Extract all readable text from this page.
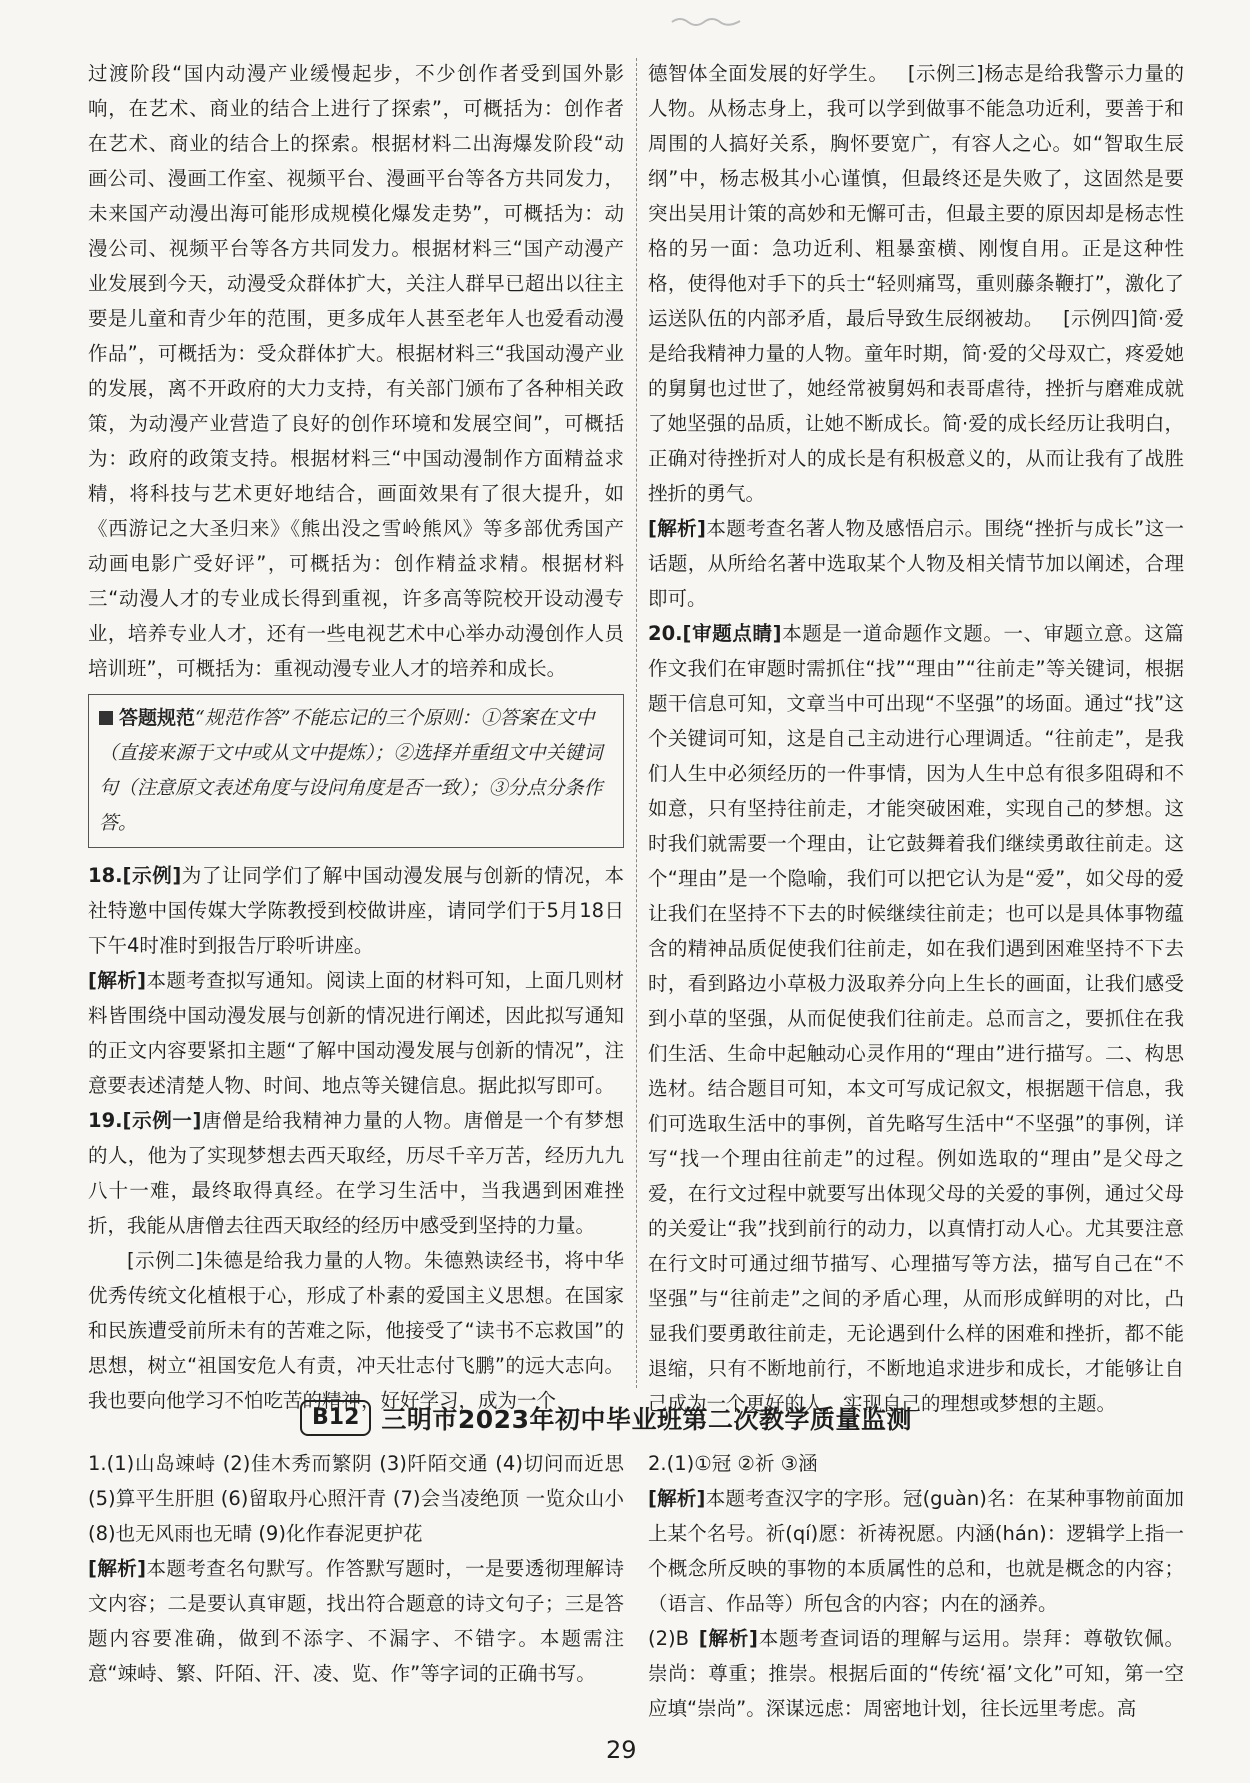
过渡阶段“国内动漫产业缓慢起步，不少创作者受到国外影响，在艺术、商业的结合上进行了探索”，可概括为：创作者在艺术、商业的结合上的探索。根据材料二出海爆发阶段“动画公司、漫画工作室、视频平台、漫画平台等各方共同发力，未来国产动漫出海可能形成规模化爆发走势”，可概括为：动漫公司、视频平台等各方共同发力。根据材料三“国产动漫产业发展到今天，动漫受众群体扩大，关注人群早已超出以往主要是儿童和青少年的范围，更多成年人甚至老年人也爱看动漫作品”，可概括为：受众群体扩大。根据材料三“我国动漫产业的发展，离不开政府的大力支持，有关部门颁布了各种相关政策，为动漫产业营造了良好的创作环境和发展空间”，可概括为：政府的政策支持。根据材料三“中国动漫制作方面精益求精，将科技与艺术更好地结合，画面效果有了很大提升，如《西游记之大圣归来》《熊出没之雪岭熊风》等多部优秀国产动画电影广受好评”，可概括为：创作精益求精。根据材料三“动漫人才的专业成长得到重视，许多高等院校开设动漫专业，培养专业人才，还有一些电视艺术中心举办动漫创作人员培训班”，可概括为：重视动漫专业人才的培养和成长。

答题规范“规范作答”不能忘记的三个原则：①答案在文中（直接来源于文中或从文中提炼）；②选择并重组文中关键词句（注意原文表述角度与设问角度是否一致）；③分点分条作答。

18.[示例]为了让同学们了解中国动漫发展与创新的情况，本社特邀中国传媒大学陈教授到校做讲座，请同学们于5月18日下午4时准时到报告厅聆听讲座。

[解析]本题考查拟写通知。阅读上面的材料可知，上面几则材料皆围绕中国动漫发展与创新的情况进行阐述，因此拟写通知的正文内容要紧扣主题“了解中国动漫发展与创新的情况”，注意要表述清楚人物、时间、地点等关键信息。据此拟写即可。

19.[示例一]唐僧是给我精神力量的人物。唐僧是一个有梦想的人，他为了实现梦想去西天取经，历尽千辛万苦，经历九九八十一难，最终取得真经。在学习生活中，当我遇到困难挫折，我能从唐僧去往西天取经的经历中感受到坚持的力量。

[示例二]朱德是给我力量的人物。朱德熟读经书，将中华优秀传统文化植根于心，形成了朴素的爱国主义思想。在国家和民族遭受前所未有的苦难之际，他接受了“读书不忘救国”的思想，树立“祖国安危人有责，冲天壮志付飞鹏”的远大志向。我也要向他学习不怕吃苦的精神，好好学习，成为一个

德智体全面发展的好学生。  [示例三]杨志是给我警示力量的人物。从杨志身上，我可以学到做事不能急功近利，要善于和周围的人搞好关系，胸怀要宽广，有容人之心。如“智取生辰纲”中，杨志极其小心谨慎，但最终还是失败了，这固然是要突出吴用计策的高妙和无懈可击，但最主要的原因却是杨志性格的另一面：急功近利、粗暴蛮横、刚愎自用。正是这种性格，使得他对手下的兵士“轻则痛骂，重则藤条鞭打”，激化了运送队伍的内部矛盾，最后导致生辰纲被劫。  [示例四]简·爱是给我精神力量的人物。童年时期，简·爱的父母双亡，疼爱她的舅舅也过世了，她经常被舅妈和表哥虐待，挫折与磨难成就了她坚强的品质，让她不断成长。简·爱的成长经历让我明白，正确对待挫折对人的成长是有积极意义的，从而让我有了战胜挫折的勇气。

[解析]本题考查名著人物及感悟启示。围绕“挫折与成长”这一话题，从所给名著中选取某个人物及相关情节加以阐述，合理即可。

20.[审题点睛]本题是一道命题作文题。一、审题立意。这篇作文我们在审题时需抓住“找”“理由”“往前走”等关键词，根据题干信息可知，文章当中可出现“不坚强”的场面。通过“找”这个关键词可知，这是自己主动进行心理调适。“往前走”，是我们人生中必须经历的一件事情，因为人生中总有很多阻碍和不如意，只有坚持往前走，才能突破困难，实现自己的梦想。这时我们就需要一个理由，让它鼓舞着我们继续勇敢往前走。这个“理由”是一个隐喻，我们可以把它认为是“爱”，如父母的爱让我们在坚持不下去的时候继续往前走；也可以是具体事物蕴含的精神品质促使我们往前走，如在我们遇到困难坚持不下去时，看到路边小草极力汲取养分向上生长的画面，让我们感受到小草的坚强，从而促使我们往前走。总而言之，要抓住在我们生活、生命中起触动心灵作用的“理由”进行描写。二、构思选材。结合题目可知，本文可写成记叙文，根据题干信息，我们可选取生活中的事例，首先略写生活中“不坚强”的事例，详写“找一个理由往前走”的过程。例如选取的“理由”是父母之爱，在行文过程中就要写出体现父母的关爱的事例，通过父母的关爱让“我”找到前行的动力，以真情打动人心。尤其要注意在行文时可通过细节描写、心理描写等方法，描写自己在“不坚强”与“往前走”之间的矛盾心理，从而形成鲜明的对比，凸显我们要勇敢往前走，无论遇到什么样的困难和挫折，都不能退缩，只有不断地前行，不断地追求进步和成长，才能够让自己成为一个更好的人，实现自己的理想或梦想的主题。

B12 三明市2023年初中毕业班第二次教学质量监测

1.(1)山岛竦峙 (2)佳木秀而繁阴 (3)阡陌交通 (4)切问而近思 (5)算平生肝胆 (6)留取丹心照汗青 (7)会当凌绝顶 一览众山小 (8)也无风雨也无晴 (9)化作春泥更护花

[解析]本题考查名句默写。作答默写题时，一是要透彻理解诗文内容；二是要认真审题，找出符合题意的诗文句子；三是答题内容要准确，做到不添字、不漏字、不错字。本题需注意“竦峙、繁、阡陌、汗、凌、览、作”等字词的正确书写。

2.(1)①冠 ②祈 ③涵

[解析]本题考查汉字的字形。冠(guàn)名：在某种事物前面加上某个名号。祈(qí)愿：祈祷祝愿。内涵(hán)：逻辑学上指一个概念所反映的事物的本质属性的总和，也就是概念的内容；（语言、作品等）所包含的内容；内在的涵养。

(2)B  [解析]本题考查词语的理解与运用。崇拜：尊敬钦佩。崇尚：尊重；推崇。根据后面的“传统‘福’文化”可知，第一空应填“崇尚”。深谋远虑：周密地计划，往长远里考虑。高

29
